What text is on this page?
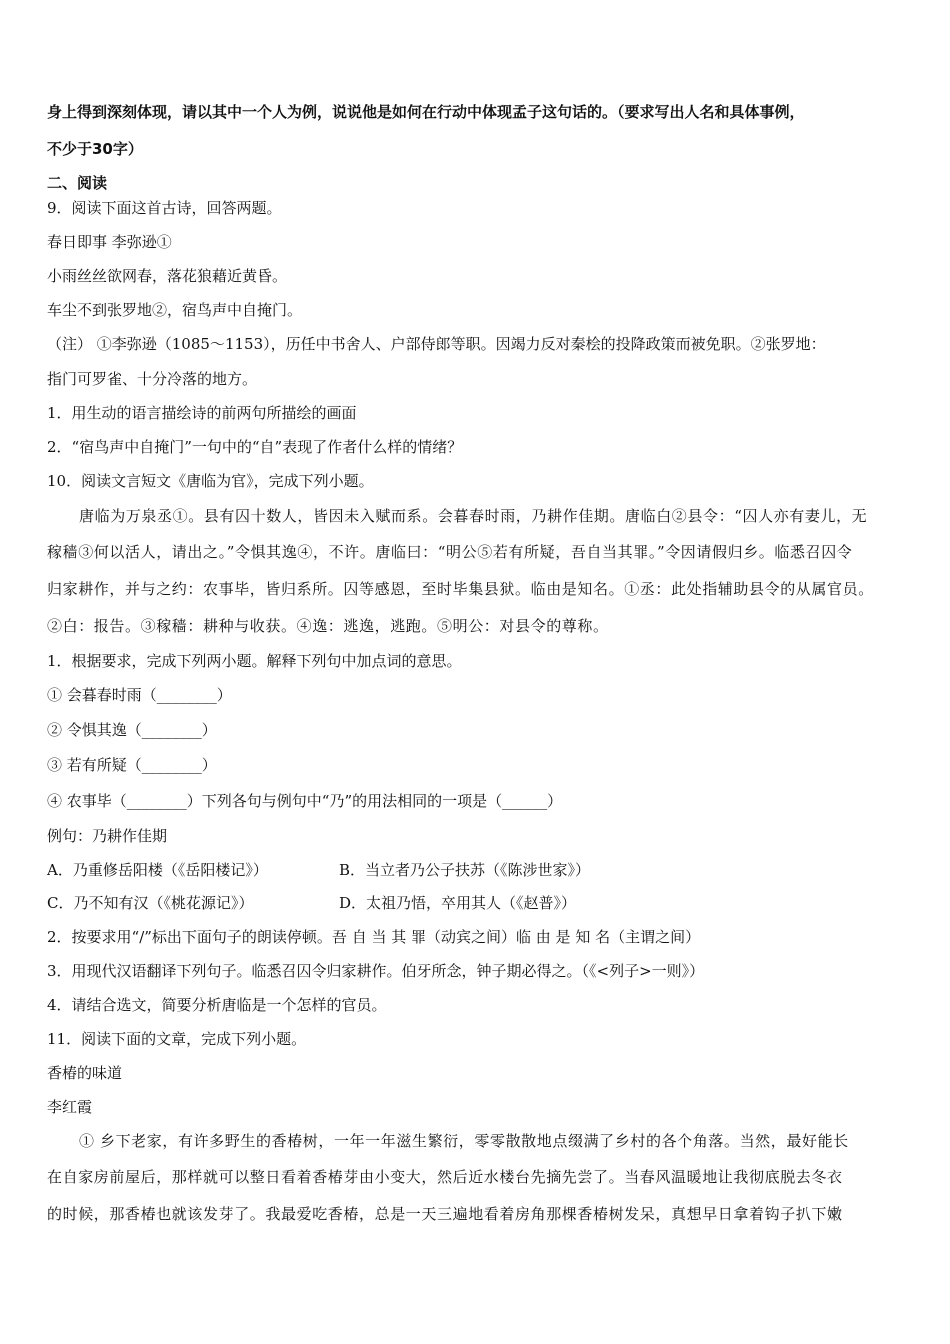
身上得到深刻体现，请以其中一个人为例，说说他是如何在行动中体现孟子这句话的。（要求写出人名和具体事例，
不少于30字）
二、阅读
9．阅读下面这首古诗，回答两题。
春日即事 李弥逊①
小雨丝丝欲网春，落花狼藉近黄昏。
车尘不到张罗地②，宿鸟声中自掩门。
（注） ①李弥逊（1085～1153），历任中书舍人、户部侍郎等职。因竭力反对秦桧的投降政策而被免职。②张罗地：
指门可罗雀、十分冷落的地方。
1．用生动的语言描绘诗的前两句所描绘的画面
2．“宿鸟声中自掩门”一句中的“自”表现了作者什么样的情绪？
10．阅读文言短文《唐临为官》，完成下列小题。
唐临为万泉丞①。县有囚十数人，皆因未入赋而系。会暮春时雨，乃耕作佳期。唐临白②县令：“囚人亦有妻儿，无
稼穑③何以活人，请出之。”令惧其逸④，不许。唐临曰：“明公⑤若有所疑，吾自当其罪。”令因请假归乡。临悉召囚令
归家耕作，并与之约：农事毕，皆归系所。囚等感恩，至时毕集县狱。临由是知名。①丞：此处指辅助县令的从属官员。
②白：报告。③稼穑：耕种与收获。④逸：逃逸，逃跑。⑤明公：对县令的尊称。
1．根据要求，完成下列两小题。解释下列句中加点词的意思。
① 会暮春时雨（________）
② 令惧其逸（________）
③ 若有所疑（________）
④ 农事毕（________）下列各句与例句中“乃”的用法相同的一项是（______）
例句：乃耕作佳期
A．乃重修岳阳楼（《岳阳楼记》）	B．当立者乃公子扶苏（《陈涉世家》）
C．乃不知有汉（《桃花源记》）	D．太祖乃悟，卒用其人（《赵普》）
2．按要求用“/”标出下面句子的朗读停顿。吾 自 当 其 罪（动宾之间）临 由 是 知 名（主谓之间）
3．用现代汉语翻译下列句子。临悉召囚令归家耕作。伯牙所念，钟子期必得之。（《<列子>一则》）
4．请结合选文，简要分析唐临是一个怎样的官员。
11．阅读下面的文章，完成下列小题。
香椿的味道
李红霞
① 乡下老家，有许多野生的香椿树，一年一年滋生繁衍，零零散散地点缀满了乡村的各个角落。当然，最好能长
在自家房前屋后，那样就可以整日看着香椿芽由小变大，然后近水楼台先摘先尝了。当春风温暖地让我彻底脱去冬衣
的时候，那香椿也就该发芽了。我最爱吃香椿，总是一天三遍地看着房角那棵香椿树发呆，真想早日拿着钩子扒下嫩
